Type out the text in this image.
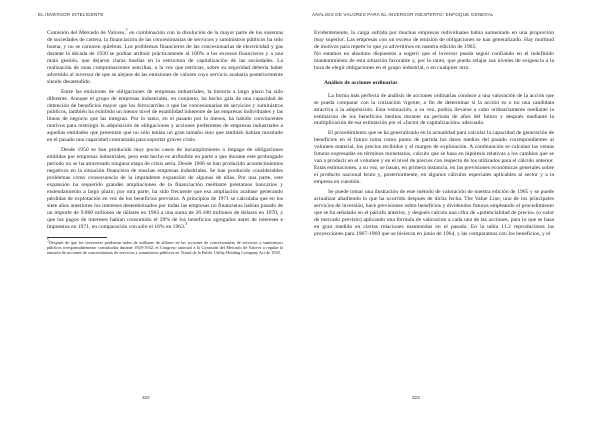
EL INVERSOR INTELIGENTE

Comisión del Mercado de Valores,$^5$ en combinación con la disolución de la mayor parte de los sistemas de sociedades de cartera, la financiación de las concesionarias de servicios y suministros públicos ha sido buena, y no se conocen quiebras. Los problemas financieros de las concesionarias de electricidad y gas durante la década de 1930 se podían atribuir prácticamente al 100% a los excesos financieros y a una mala gestión, que dejaron claras huellas en la estructura de capitalización de las sociedades. La realización de unas comprobaciones sencillas, a la vez que estrictas, sobre su seguridad debería haber advertido al inversor de que se alejase de las emisiones de valores cuyo servicio acabaría posteriormente siendo desatendido.

Entre las emisiones de obligaciones de empresas industriales, la historia a largo plazo ha sido diferente. Aunque el grupo de empresas industriales, en conjunto, ha hecho gala de una capacidad de obtención de beneficios mayor que los ferrocarriles o que las concesionarias de servicios y suministros públicos, también ha exhibido un menor nivel de estabilidad inherente de las empresas individuales y las líneas de negocio que las integran. Por lo tanto, en el pasado por lo menos, ha habido convincentes motivos para restringir la adquisición de obligaciones y acciones preferentes de empresas industriales a aquellas entidades que presentan que no sólo tenían un gran tamaño sino que también habían mostrado en el pasado una capacidad contrastada para soportar graves crisis.

Desde 1950 se han producido muy pocos casos de incumplimiento o impago de obligaciones emitidas por empresas industriales, pero este hecho es atribuible en parte a que durante este prolongado periodo no se ha atravesado ninguna etapa de crisis seria. Desde 1966 se han producido acontecimientos negativos en la situación financiera de muchas empresas industriales. Se han producido considerables problemas como consecuencia de la imprudente expansión de algunas de ellas. Por una parte, este expansión ha requerido grandes ampliaciones de la financiación mediante préstamos bancarios y endeudamiento a largo plazo; por otra parte, ha sido frecuente que esa ampliación acabase generando pérdidas de explotación en vez de los beneficios previstos. A principios de 1971 se calculaba que en los siete años anteriores los intereses desembolsados por todas las empresas no financieras habían pasado de un importe de 9.800 millones de dólares en 1963 a una suma de 26.100 millones de dólares en 1970, y que los pagos de intereses habían consumido el 29% de los beneficios agregados antes de intereses e impuestos en 1971, en comparación con sólo el 16% en 1963.$^5$

$^5$Después de que los inversores perdieran miles de millones de dólares en las acciones de concesionarias de servicios y suministros públicos irresponsablemente constituidas durante 1929-1932, el Congreso autorizó a la Comisión del Mercado de Valores a regular la emisión de acciones de concesionarias de servicios y suministros públicos en Virtud de la Public Utility Holding Company Act de 1935.
322
ANÁLISIS DE VALORES PARA EL INVERSOR INEXPERTO: ENFOQUE GENERAL

Evidentemente, la carga sufrida por muchas empresas individuales había aumentado en una proporción muy superior. Las empresas con un exceso de emisión de obligaciones se han generalizado. Hay multitud de motivos para repetir lo que ya advertimos en nuestra edición de 1965:

No estamos en absoluto dispuestos a sugerir que el inversor pueda seguir confiando en el indefinido mantenimiento de esta situación favorable y, por lo tanto, que pueda relajar sus niveles de exigencia a la hora de elegir obligaciones en el grupo industrial, o en cualquier otro.

Análisis de acciones ordinarias

La forma más perfecta de análisis de acciones ordinarias conduce a una valoración de la acción que se pueda comparar con la cotización vigente, a fin de determinar si la acción es o no una candidata atractiva a la adquisición. Esta valoración, a su vez, podría llevarse a cabo ordinariamente mediante la estimación de los beneficios medios durante un periodo de años del futuro y después mediante la multiplicación de esa estimación por el «factor de capitalización» adecuado.

El procedimiento que se ha generalizado en la actualidad para calcular la capacidad de generación de beneficios en el futuro toma como punto de partida los datos medios del pasado correspondientes al volumen material, los precios recibidos y el margen de explotación. A continuación se calculan las ventas futuras expresadas en términos monetarios, calculo que se basa en hipótesis relativas a los cambios que se van a producir en el volumen y en el nivel de precios con respecto de los utilizados para el cálculo anterior. Estas estimaciones, a su vez, se basan, en primera instancia, en las previsiones económicas generales sobre el producto nacional bruto y, posteriormente, en algunos cálculos especiales aplicables al sector y a la empresa en cuestión.

Se puede tomar una ilustración de este método de valoración de nuestra edición de 1965 y se puede actualizar añadiendo lo que ha ocurrido después de dicha fecha. The Value Line, uno de los principales servicios de inversión, hace previsiones sobre beneficios y dividendos futuros empleando el procedimiento que se ha señalado en el párrafo anterior, y después calcula una cifra de «potencialidad de precio» (o valor de mercado previsto) aplicando una fórmula de valoración a cada una de las acciones, para lo que se basa en gran medida en ciertas relaciones mantenidas en el pasado. En la tabla 11.2 reproducimos las proyecciones para 1967-1969 que se hicieron en junio de 1964, y las comparamos con los beneficios, y el

323
